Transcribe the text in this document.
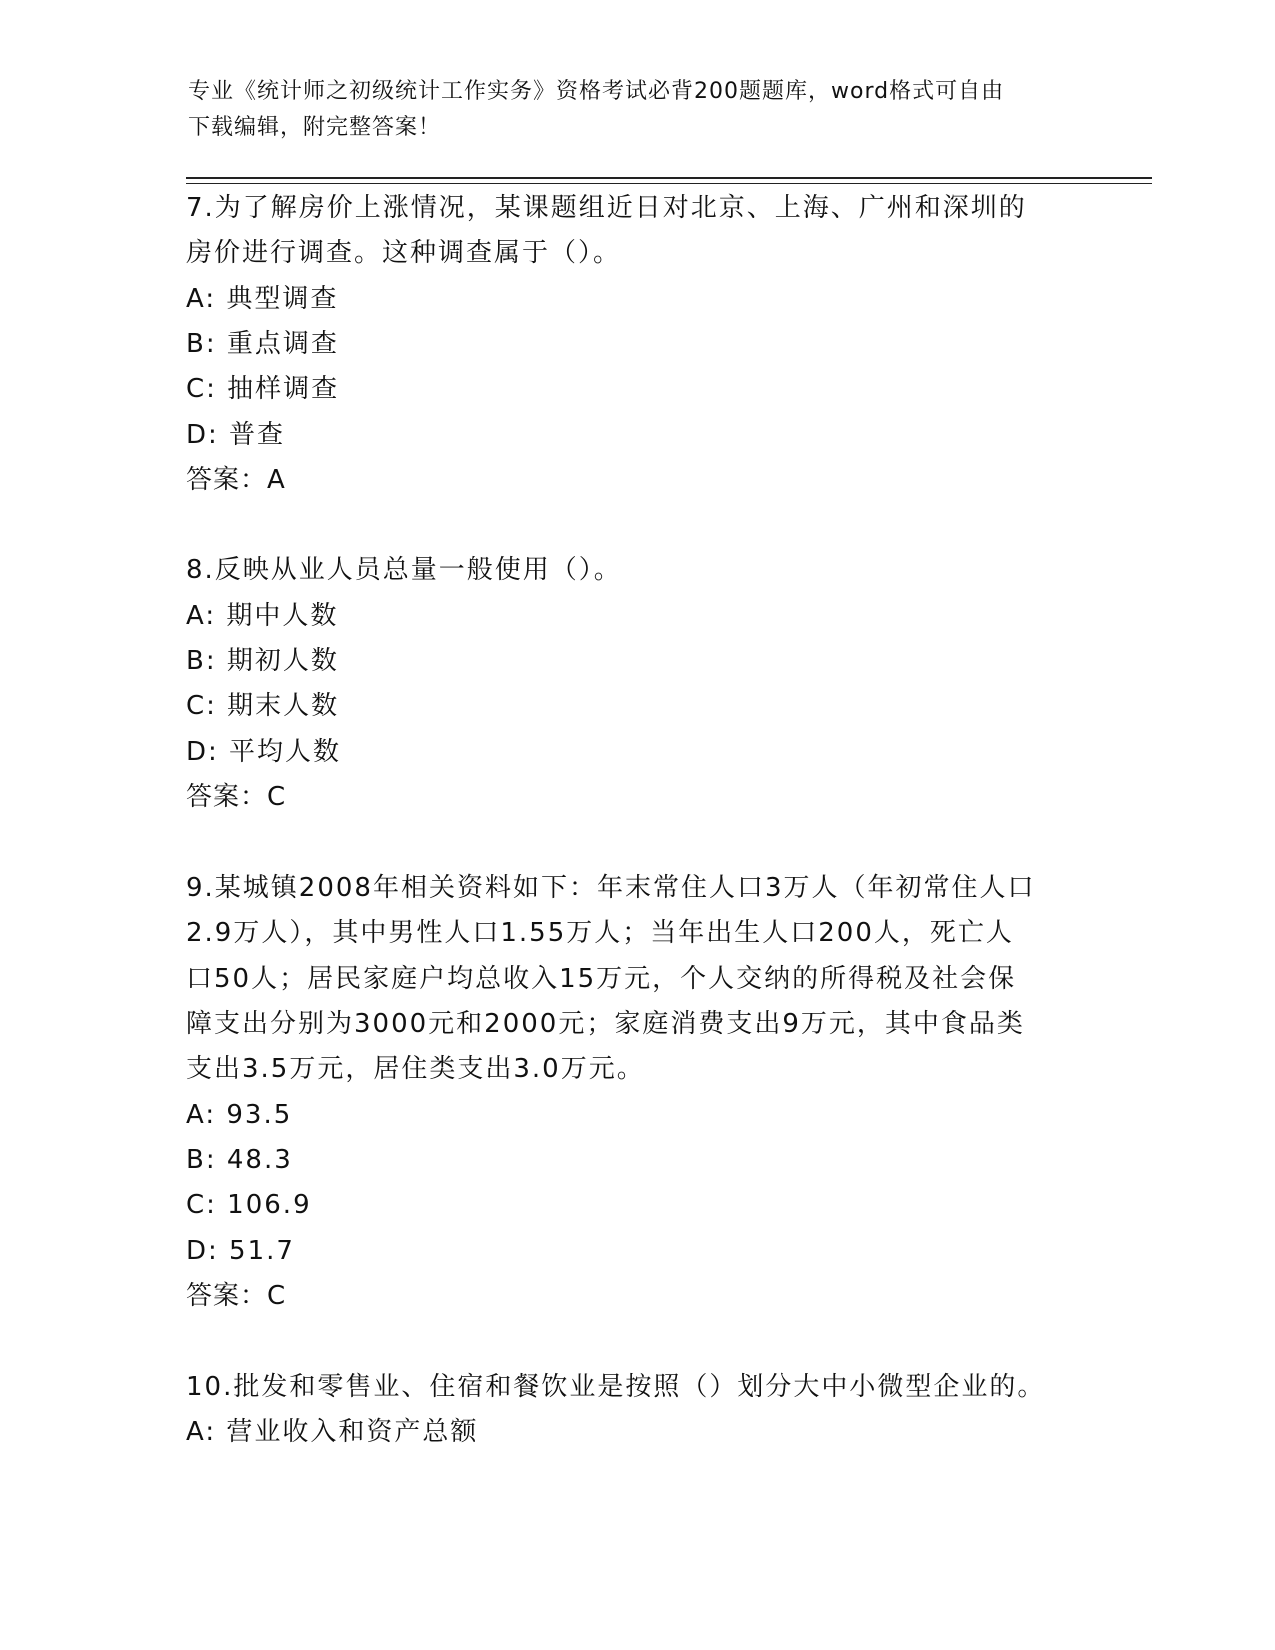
专业《统计师之初级统计工作实务》资格考试必背200题题库，word格式可自由
下载编辑，附完整答案！
7.为了解房价上涨情况，某课题组近日对北京、上海、广州和深圳的
房价进行调查。这种调查属于（）。
A: 典型调查
B: 重点调查
C: 抽样调查
D: 普查
答案：A
8.反映从业人员总量一般使用（）。
A: 期中人数
B: 期初人数
C: 期末人数
D: 平均人数
答案：C
9.某城镇2008年相关资料如下：年末常住人口3万人（年初常住人口
2.9万人），其中男性人口1.55万人；当年出生人口200人，死亡人
口50人；居民家庭户均总收入15万元，个人交纳的所得税及社会保
障支出分别为3000元和2000元；家庭消费支出9万元，其中食品类
支出3.5万元，居住类支出3.0万元。
A: 93.5
B: 48.3
C: 106.9
D: 51.7
答案：C
10.批发和零售业、住宿和餐饮业是按照（）划分大中小微型企业的。
A: 营业收入和资产总额
